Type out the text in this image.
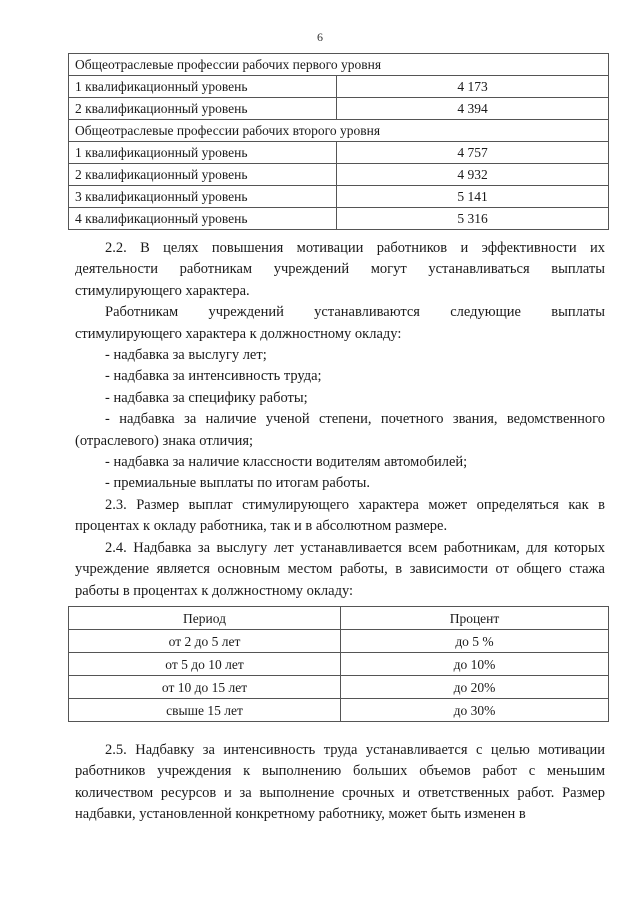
6
Общеотраслевые профессии рабочих первого уровня	
1 квалификационный уровень	4 173
2 квалификационный уровень	4 394
Общеотраслевые профессии рабочих второго уровня	
1 квалификационный уровень	4 757
2 квалификационный уровень	4 932
3 квалификационный уровень	5 141
4 квалификационный уровень	5 316

2.2. В целях повышения мотивации работников и эффективности их деятельности работникам учреждений могут устанавливаться выплаты стимулирующего характера.

Работникам учреждений устанавливаются следующие выплаты стимулирующего характера к должностному окладу:

- надбавка за выслугу лет;

- надбавка за интенсивность труда;

- надбавка за специфику работы;

- надбавка за наличие ученой степени, почетного звания, ведомственного (отраслевого) знака отличия;

- надбавка за наличие классности водителям автомобилей;

- премиальные выплаты по итогам работы.

2.3. Размер выплат стимулирующего характера может определяться как в процентах к окладу работника, так и в абсолютном размере.

2.4. Надбавка за выслугу лет устанавливается всем работникам, для которых учреждение является основным местом работы, в зависимости от общего стажа работы в процентах к должностному окладу:

Период	Процент
от 2 до 5 лет	до 5 %
от 5 до 10 лет	до 10%
от 10 до 15 лет	до 20%
свыше 15 лет	до 30%

2.5. Надбавку за интенсивность труда устанавливается с целью мотивации работников учреждения к выполнению больших объемов работ с меньшим количеством ресурсов и за выполнение срочных и ответственных работ. Размер надбавки, установленной конкретному работнику, может быть изменен в
